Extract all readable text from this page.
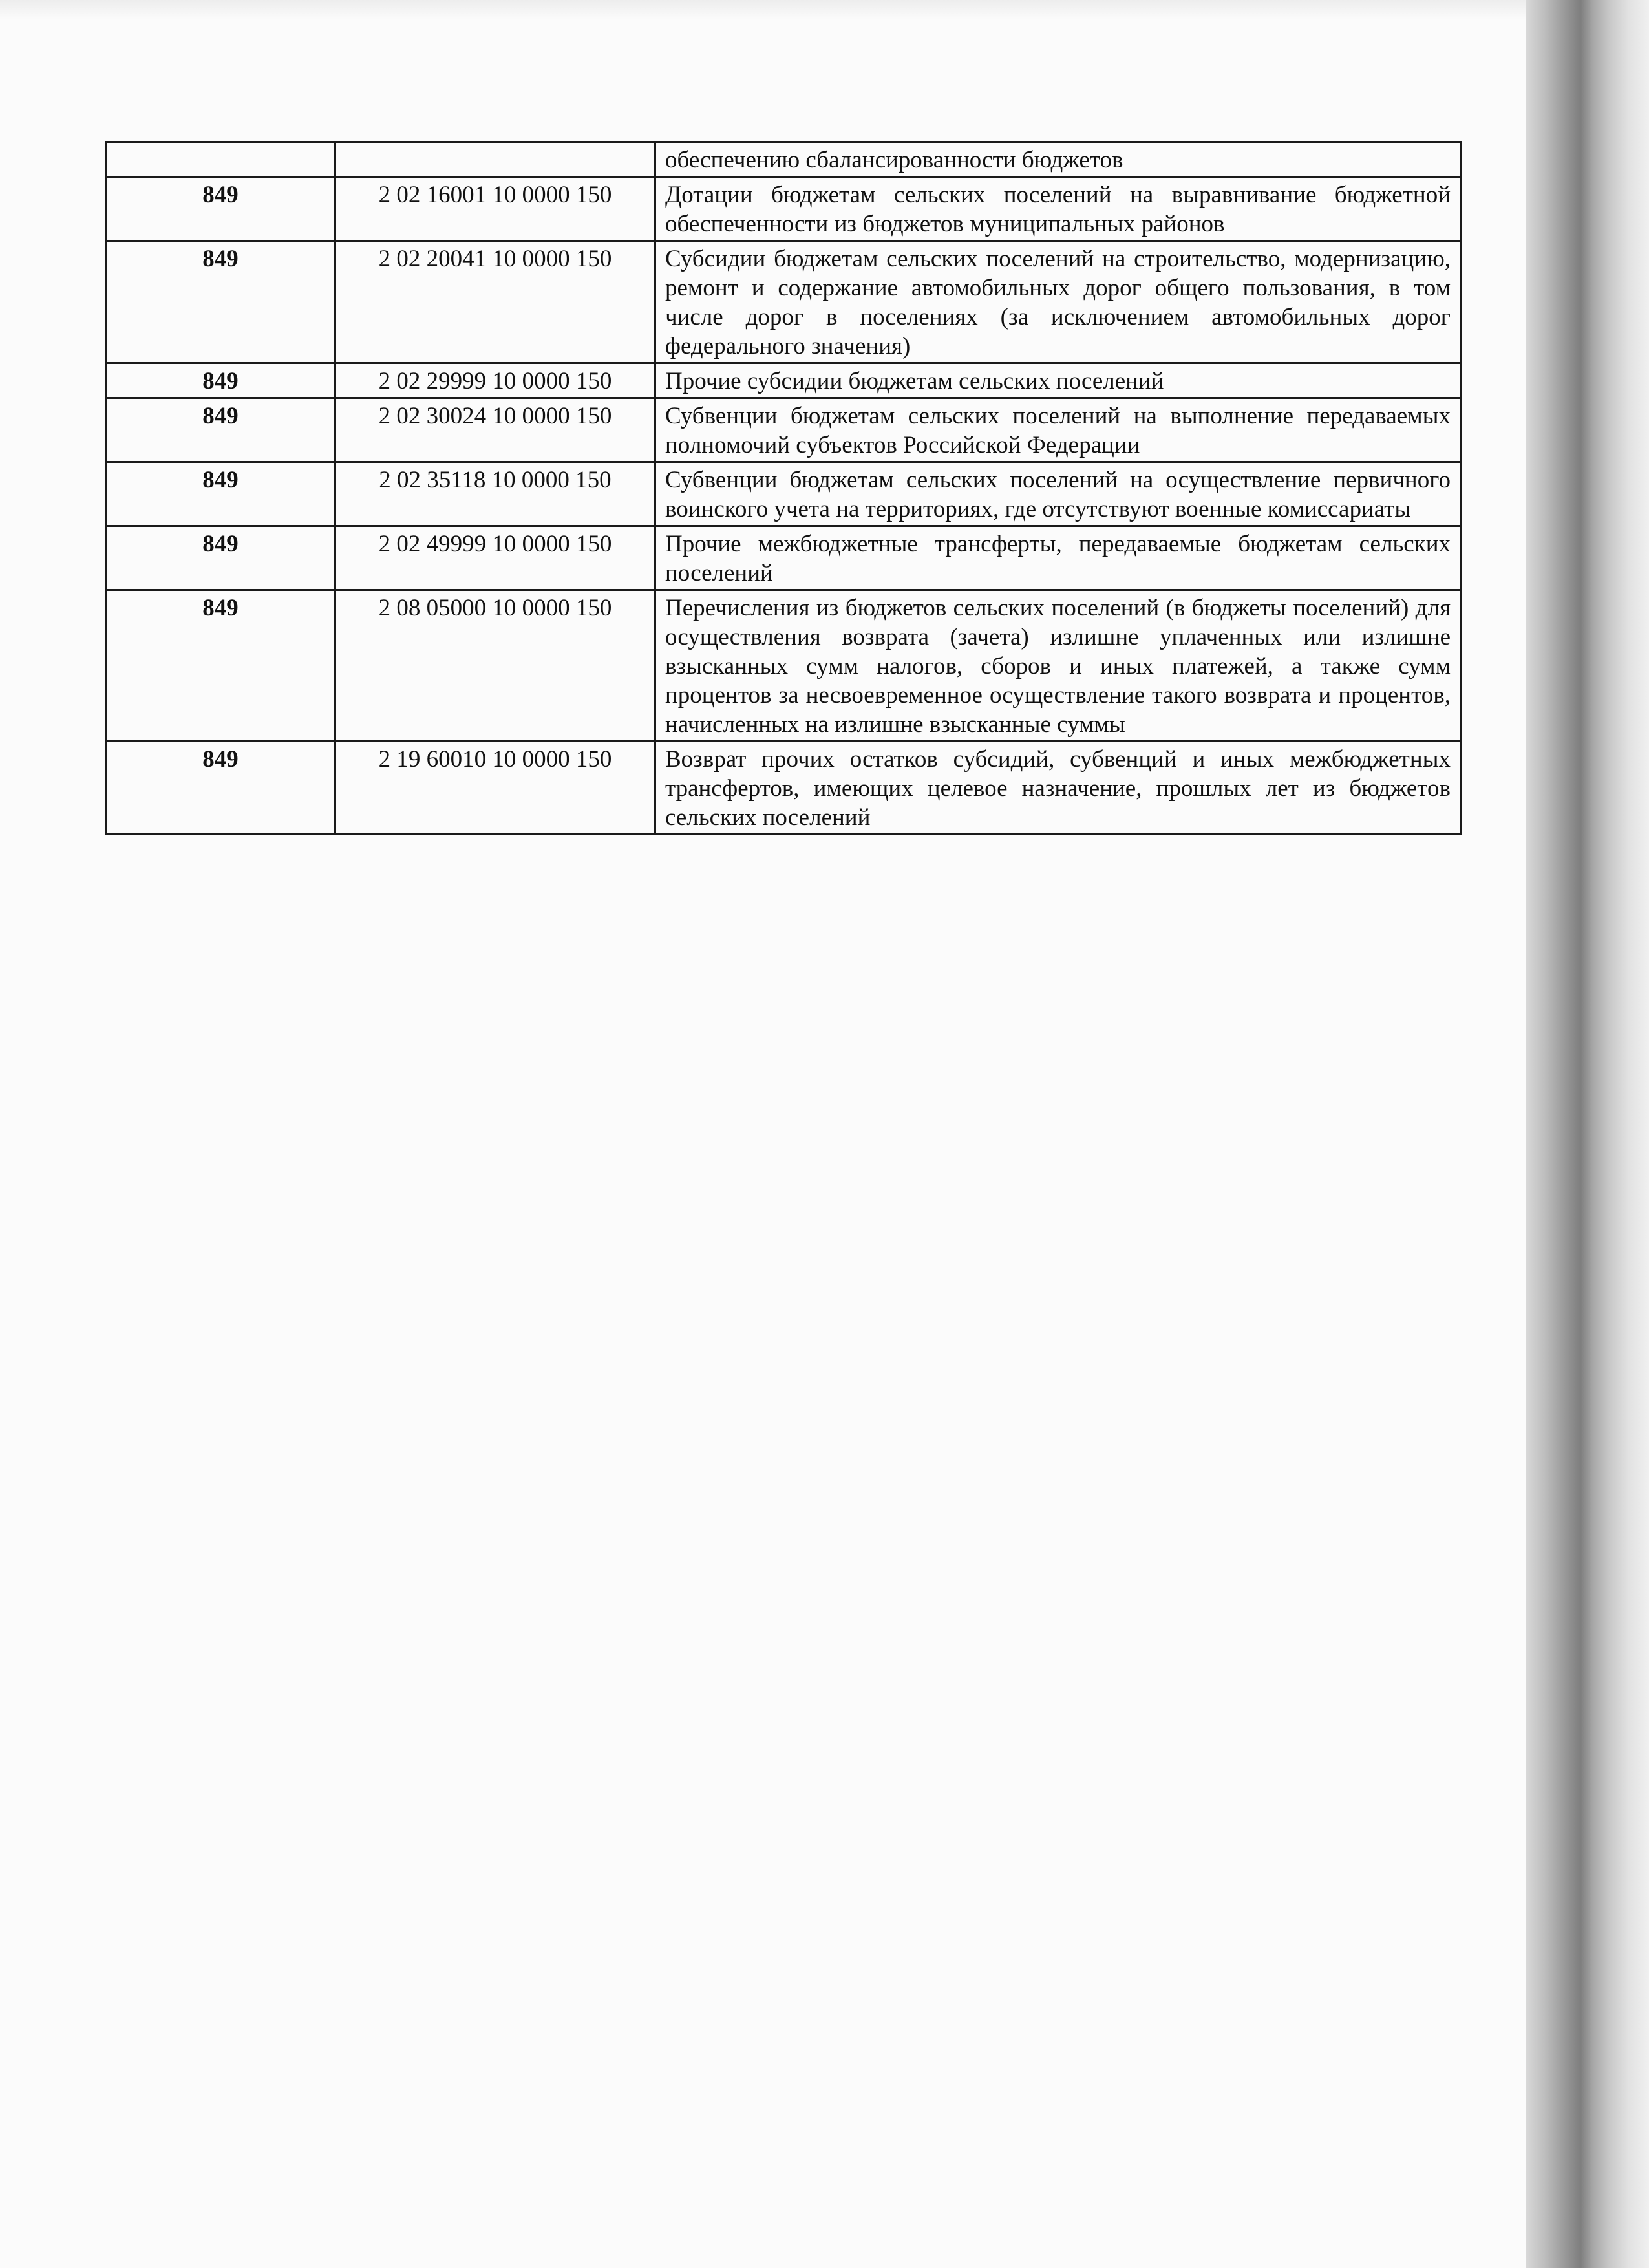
		обеспечению сбалансированности бюджетов
849	2 02 16001 10 0000 150	Дотации бюджетам сельских поселений на выравнивание бюджетной обеспеченности из бюджетов муниципальных районов
849	2 02 20041 10 0000 150	Субсидии бюджетам сельских поселений на строительство, модернизацию, ремонт и содержание автомобильных дорог общего пользования, в том числе дорог в поселениях (за исключением автомобильных дорог федерального значения)
849	2 02 29999 10 0000 150	Прочие субсидии бюджетам сельских поселений
849	2 02 30024 10 0000 150	Субвенции бюджетам сельских поселений на выполнение передаваемых полномочий субъектов Российской Федерации
849	2 02 35118 10 0000 150	Субвенции бюджетам сельских поселений на осуществление первичного воинского учета на территориях, где отсутствуют военные комиссариаты
849	2 02 49999 10 0000 150	Прочие межбюджетные трансферты, передаваемые бюджетам сельских поселений
849	2 08 05000 10 0000 150	Перечисления из бюджетов сельских поселений (в бюджеты поселений) для осуществления возврата (зачета) излишне уплаченных или излишне взысканных сумм налогов, сборов и иных платежей, а также сумм процентов за несвоевременное осуществление такого возврата и процентов, начисленных на излишне взысканные суммы
849	2 19 60010 10 0000 150	Возврат прочих остатков субсидий, субвенций и иных межбюджетных трансфертов, имеющих целевое назначение, прошлых лет из бюджетов сельских поселений
